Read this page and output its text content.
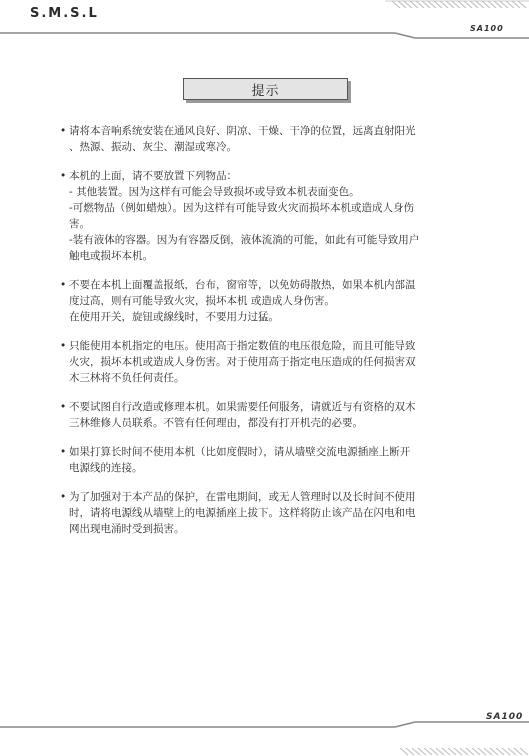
S.M.S.L
SA100
提示
• 请将本音响系统安装在通风良好、阴凉、干燥、干净的位置，远离直射阳光
、热源、振动、灰尘、潮湿或寒冷。
• 本机的上面，请不要放置下列物品：
- 其他装置。因为这样有可能会导致损坏或导致本机表面变色。
-可燃物品（例如蜡烛）。因为这样有可能导致火灾而损坏本机或造成人身伤
害。
-装有液体的容器。因为有容器反倒，液体流淌的可能，如此有可能导致用户
触电或损坏本机。
• 不要在本机上面覆盖报纸，台布，窗帘等，以免妨碍散热，如果本机内部温
度过高，则有可能导致火灾，损坏本机 或造成人身伤害。
在使用开关，旋钮或線线时，不要用力过猛。
• 只能使用本机指定的电压。使用高于指定数值的电压很危险，而且可能导致
火灾，损坏本机或造成人身伤害。对于使用高于指定电压造成的任何损害双
木三林将不负任何责任。
• 不要试图自行改造或修理本机。如果需要任何服务，请就近与有资格的双木
三林维修人员联系。不管有任何理由，都没有打开机壳的必要。
• 如果打算长时间不使用本机（比如度假时），请从墙壁交流电源插座上断开
电源线的连接。
• 为了加强对于本产品的保护，在雷电期间，或无人管理时以及长时间不使用
时，请将电源线从墙壁上的电源插座上拔下。这样将防止该产品在闪电和电
网出现电涌时受到损害。
SA100
